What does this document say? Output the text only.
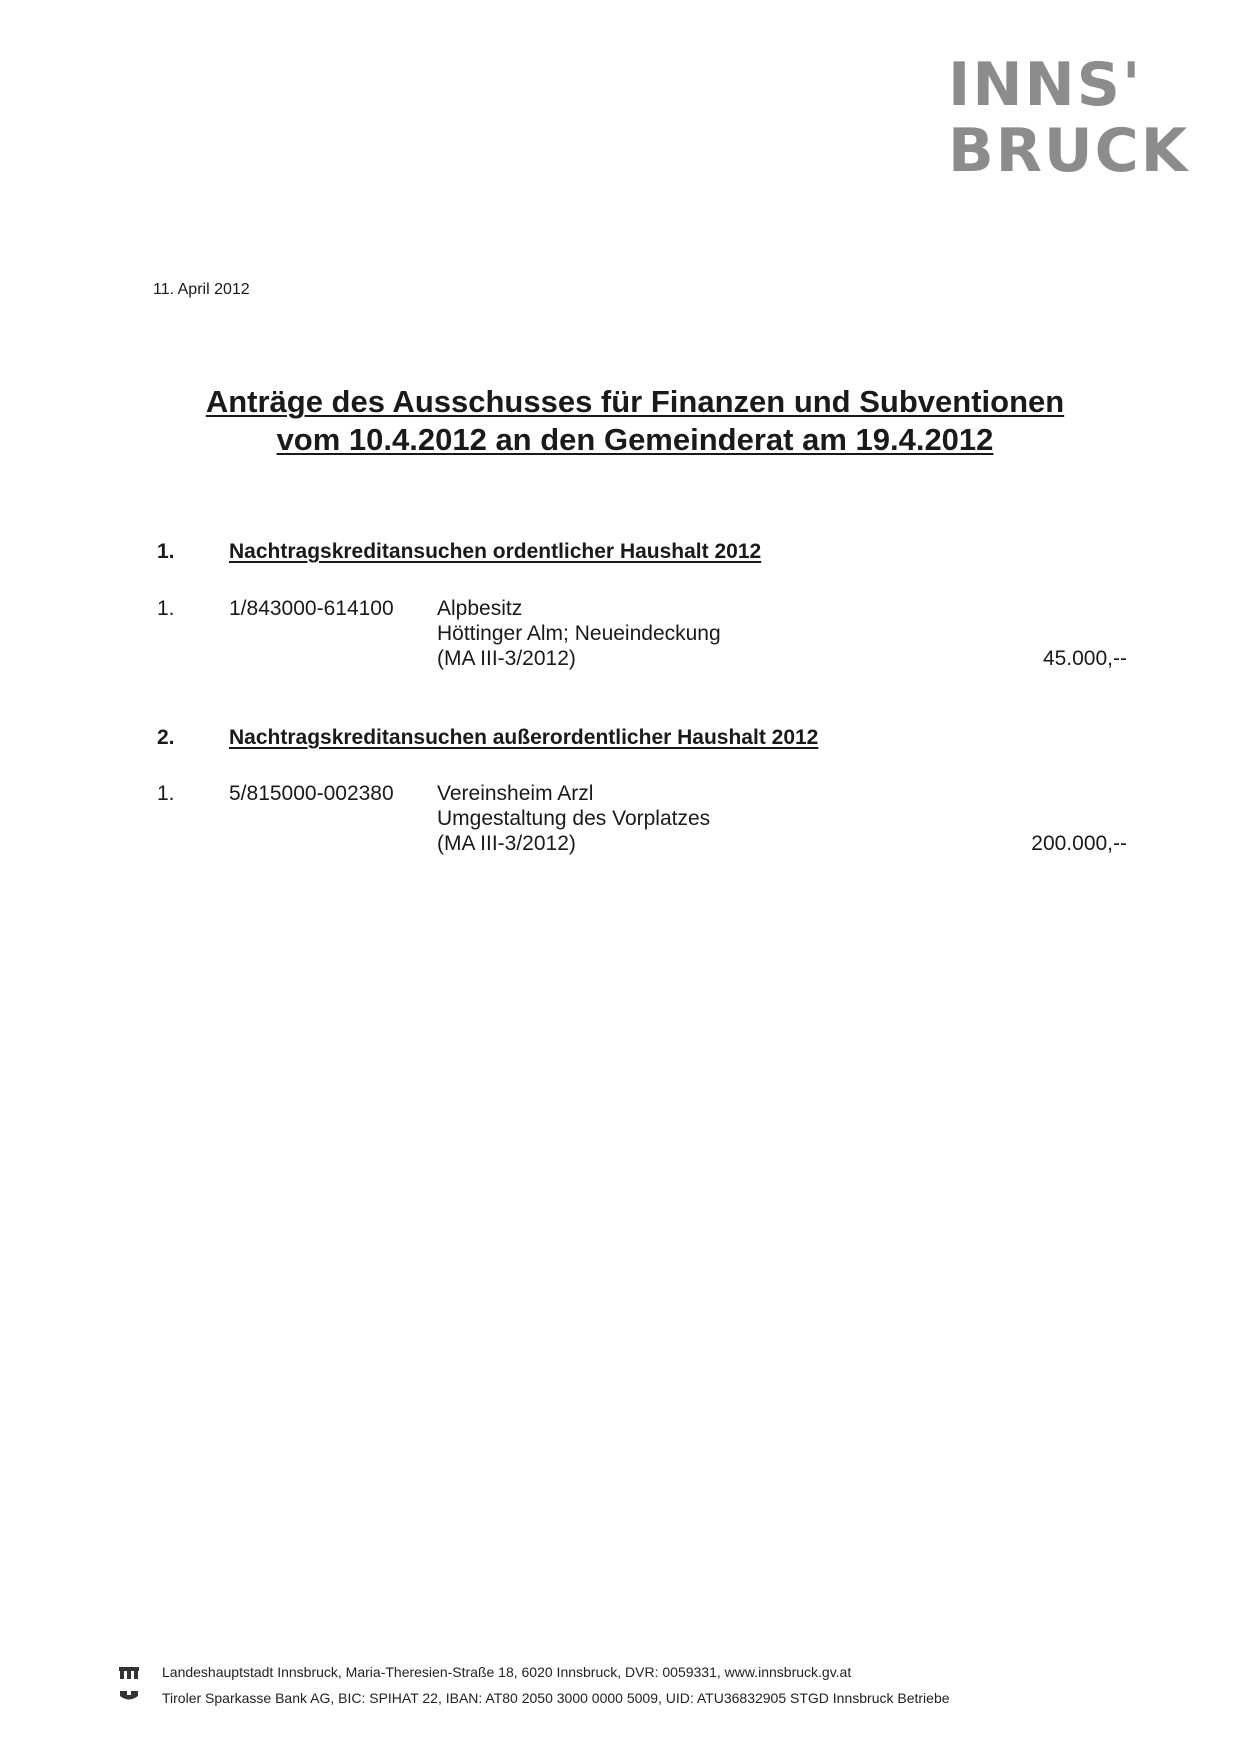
INNS'
BRUCK
11. April 2012
Anträge des Ausschusses für Finanzen und Subventionen
vom 10.4.2012 an den Gemeinderat am 19.4.2012
1.	Nachtragskreditansuchen ordentlicher Haushalt 2012
1.	1/843000-614100 Alpbesitz
Höttinger Alm; Neueindeckung
(MA III-3/2012)	45.000,--
2.	Nachtragskreditansuchen außerordentlicher Haushalt 2012
1.	5/815000-002380 Vereinsheim Arzl
Umgestaltung des Vorplatzes
(MA III-3/2012)	200.000,--
Landeshauptstadt Innsbruck, Maria-Theresien-Straße 18, 6020 Innsbruck, DVR: 0059331, www.innsbruck.gv.at
Tiroler Sparkasse Bank AG, BIC: SPIHAT 22, IBAN: AT80 2050 3000 0000 5009, UID: ATU36832905 STGD Innsbruck Betriebe
